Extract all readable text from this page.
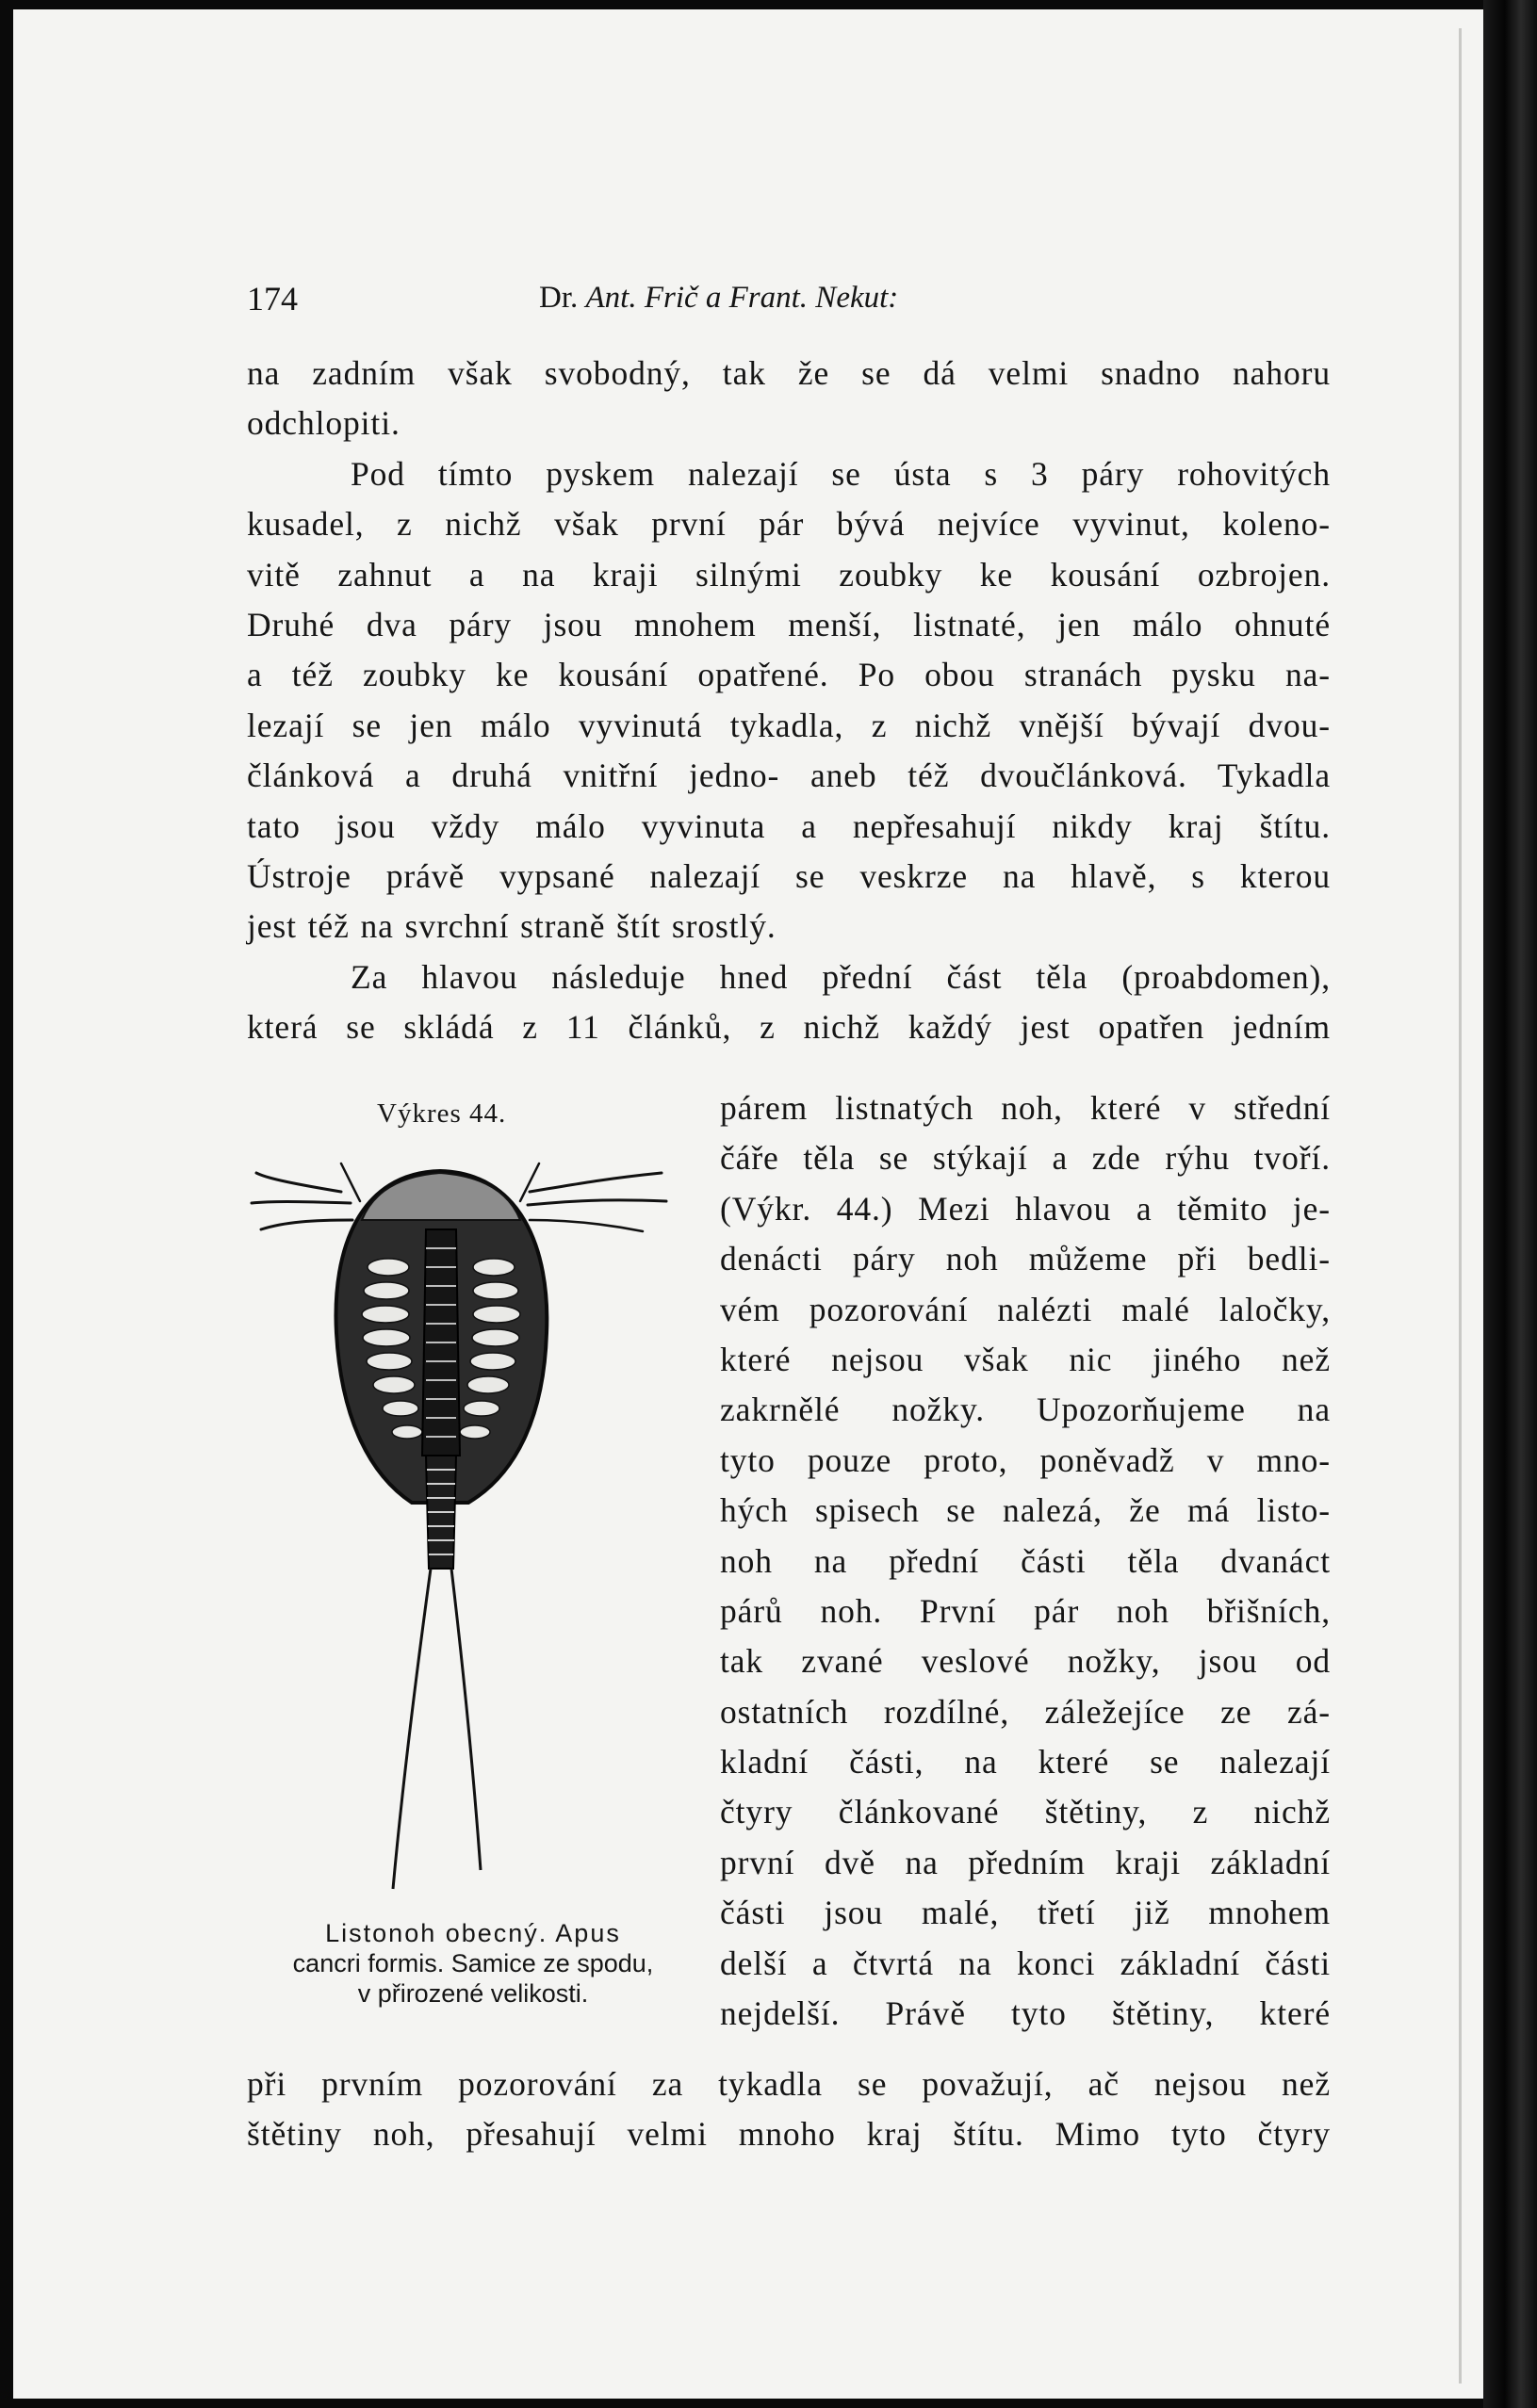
174	Dr. Ant. Frič a Frant. Nekut:
na zadním však svobodný, tak že se dá velmi snadno nahoru
odchlopiti.
Pod tímto pyskem nalezají se ústa s 3 páry rohovitých
kusadel, z nichž však první pár bývá nejvíce vyvinut, koleno-
vitě zahnut a na kraji silnými zoubky ke kousání ozbrojen.
Druhé dva páry jsou mnohem menší, listnaté, jen málo ohnuté
a též zoubky ke kousání opatřené. Po obou stranách pysku na-
lezají se jen málo vyvinutá tykadla, z nichž vnější bývají dvou-
článková a druhá vnitřní jedno- aneb též dvoučlánková. Tykadla
tato jsou vždy málo vyvinuta a nepřesahují nikdy kraj štítu.
Ústroje právě vypsané nalezají se veskrze na hlavě, s kterou
jest též na svrchní straně štít srostlý.
Za hlavou následuje hned přední část těla (proabdomen),
která se skládá z 11 článků, z nichž každý jest opatřen jedním
Výkres 44.
Listonoh obecný. Apus
cancri formis. Samice ze spodu,
v přirozené velikosti.
párem listnatých noh, které v střední
čáře těla se stýkají a zde rýhu tvoří.
(Výkr. 44.) Mezi hlavou a těmito je-
denácti páry noh můžeme při bedli-
vém pozorování nalézti malé laločky,
které nejsou však nic jiného než
zakrnělé nožky. Upozorňujeme na
tyto pouze proto, poněvadž v mno-
hých spisech se nalezá, že má listo-
noh na přední části těla dvanáct
párů noh. První pár noh břišních,
tak zvané veslové nožky, jsou od
ostatních rozdílné, záležejíce ze zá-
kladní části, na které se nalezají
čtyry článkované štětiny, z nichž
první dvě na předním kraji základní
části jsou malé, třetí již mnohem
delší a čtvrtá na konci základní části
nejdelší. Právě tyto štětiny, které
při prvním pozorování za tykadla se považují, ač nejsou než
štětiny noh, přesahují velmi mnoho kraj štítu. Mimo tyto čtyry
